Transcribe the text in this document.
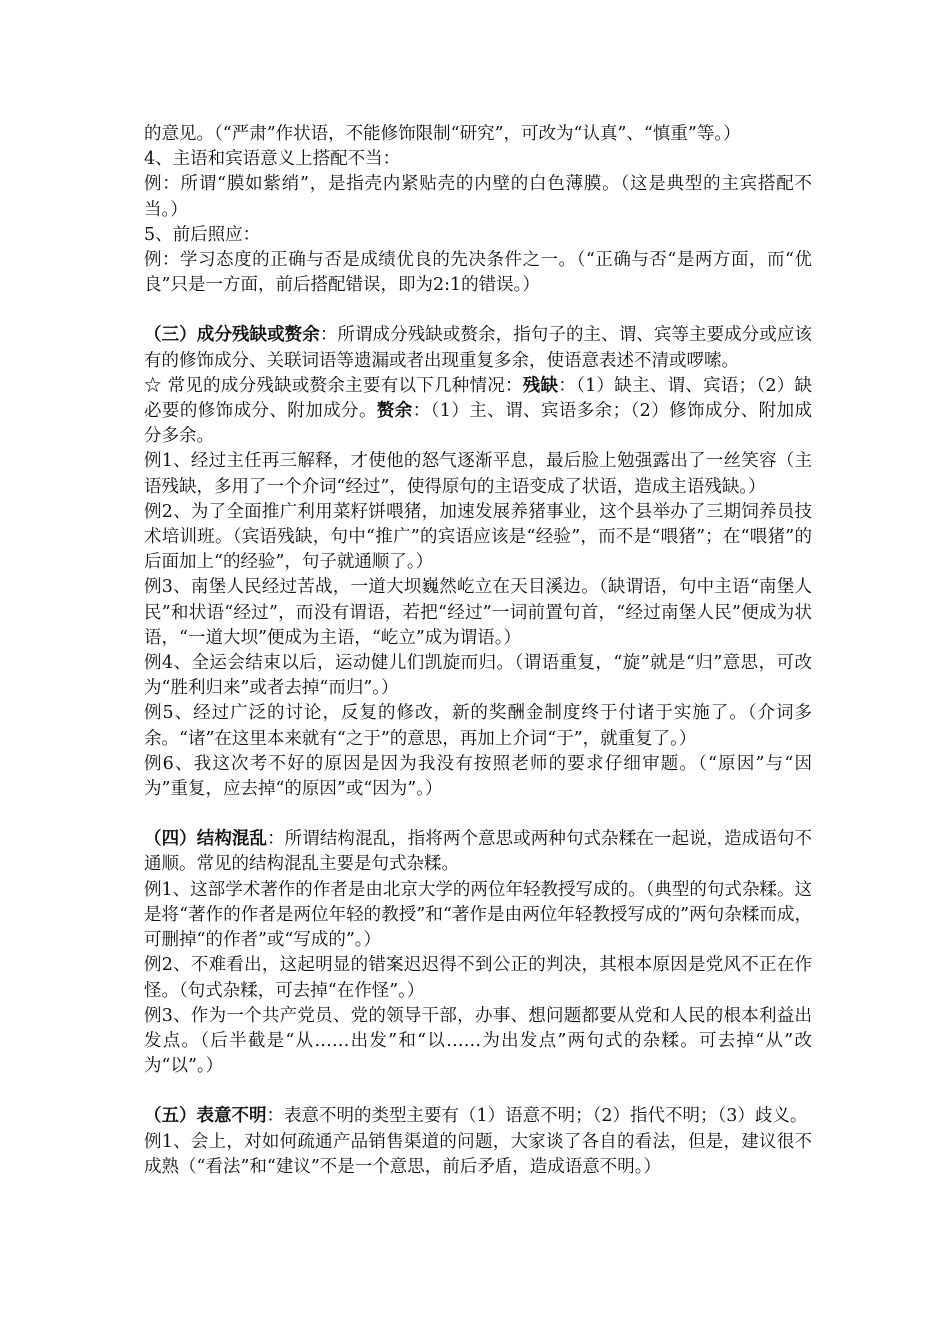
的意见。（“严肃”作状语，不能修饰限制“研究”，可改为“认真”、“慎重”等。）

4、主语和宾语意义上搭配不当：

例：所谓“膜如紫绡”，是指壳内紧贴壳的内壁的白色薄膜。（这是典型的主宾搭配不当。）

5、前后照应：

例：学习态度的正确与否是成绩优良的先决条件之一。（“正确与否“是两方面，而“优良”只是一方面，前后搭配错误，即为2:1的错误。）

（三）成分残缺或赘余：所谓成分残缺或赘余，指句子的主、谓、宾等主要成分或应该有的修饰成分、关联词语等遗漏或者出现重复多余，使语意表述不清或啰嗦。

☆ 常见的成分残缺或赘余主要有以下几种情况：残缺：（1）缺主、谓、宾语；（2）缺必要的修饰成分、附加成分。赘余：（1）主、谓、宾语多余；（2）修饰成分、附加成分多余。

例1、经过主任再三解释，才使他的怒气逐渐平息，最后脸上勉强露出了一丝笑容（主语残缺，多用了一个介词“经过”，使得原句的主语变成了状语，造成主语残缺。）

例2、为了全面推广利用菜籽饼喂猪，加速发展养猪事业，这个县举办了三期饲养员技术培训班。（宾语残缺，句中“推广”的宾语应该是“经验”，而不是“喂猪”；在“喂猪”的后面加上“的经验”，句子就通顺了。）

例3、南堡人民经过苦战，一道大坝巍然屹立在天目溪边。（缺谓语，句中主语“南堡人民”和状语“经过”，而没有谓语，若把“经过”一词前置句首，“经过南堡人民”便成为状语，“一道大坝”便成为主语，“屹立”成为谓语。）

例4、全运会结束以后，运动健儿们凯旋而归。（谓语重复，“旋”就是“归”意思，可改为“胜利归来”或者去掉“而归”。）

例5、经过广泛的讨论，反复的修改，新的奖酬金制度终于付诸于实施了。（介词多余。“诸”在这里本来就有“之于”的意思，再加上介词“于”，就重复了。）

例6、我这次考不好的原因是因为我没有按照老师的要求仔细审题。（“原因”与“因为”重复，应去掉“的原因”或“因为”。）

（四）结构混乱：所谓结构混乱，指将两个意思或两种句式杂糅在一起说，造成语句不通顺。常见的结构混乱主要是句式杂糅。

例1、这部学术著作的作者是由北京大学的两位年轻教授写成的。（典型的句式杂糅。这是将“著作的作者是两位年轻的教授”和“著作是由两位年轻教授写成的”两句杂糅而成，可删掉“的作者”或“写成的”。）

例2、不难看出，这起明显的错案迟迟得不到公正的判决，其根本原因是党风不正在作怪。（句式杂糅，可去掉“在作怪”。）

例3、作为一个共产党员、党的领导干部，办事、想问题都要从党和人民的根本利益出发点。（后半截是“从……出发”和“以……为出发点”两句式的杂糅。可去掉“从”改为“以”。）

（五）表意不明：表意不明的类型主要有（1）语意不明；（2）指代不明；（3）歧义。

例1、会上，对如何疏通产品销售渠道的问题，大家谈了各自的看法，但是，建议很不成熟（“看法”和“建议”不是一个意思，前后矛盾，造成语意不明。）
